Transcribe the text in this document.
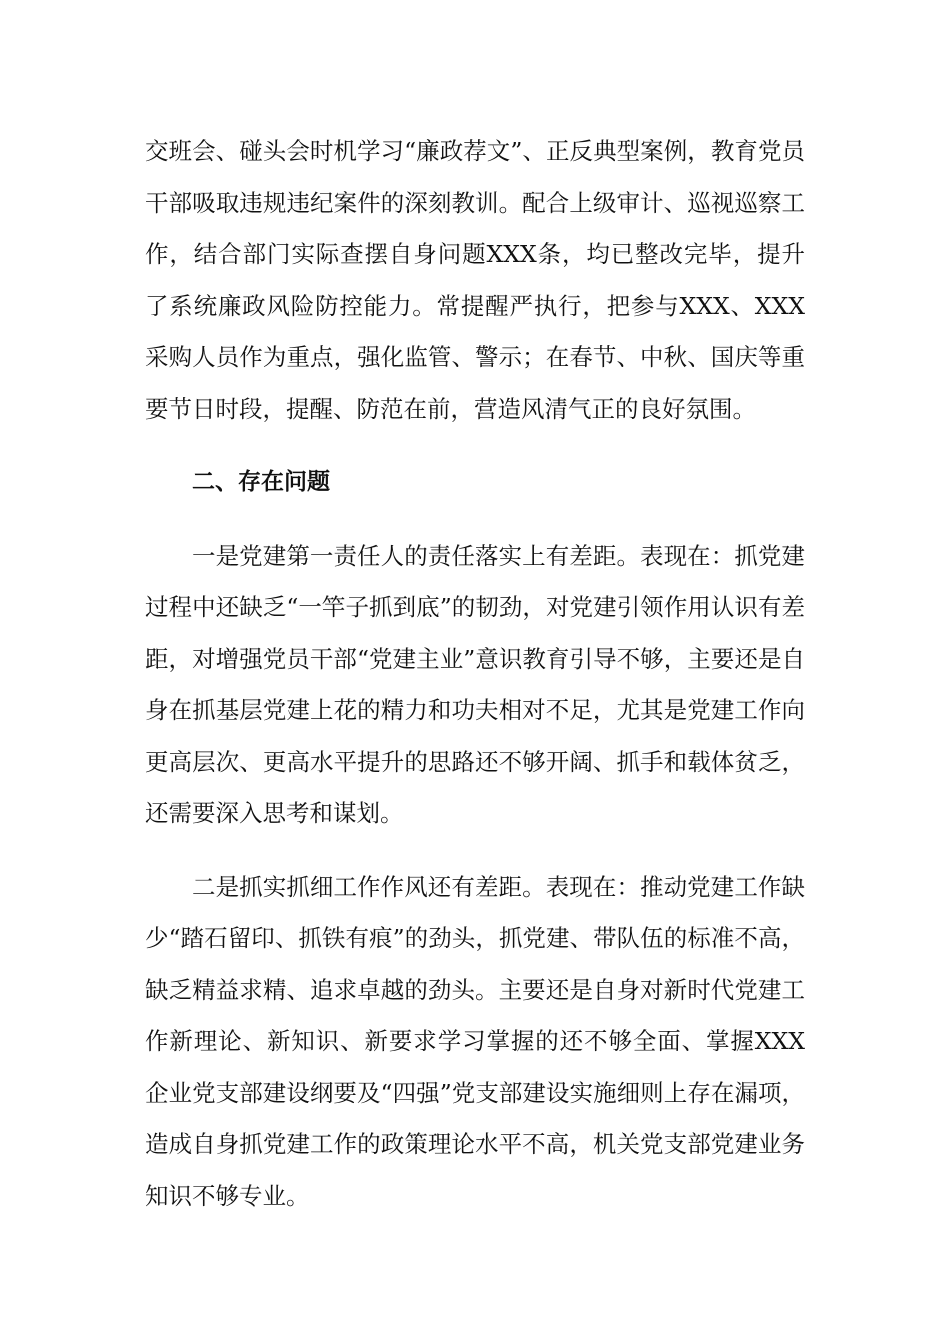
交班会、碰头会时机学习“廉政荐文”、正反典型案例，教育党员干部吸取违规违纪案件的深刻教训。配合上级审计、巡视巡察工作，结合部门实际查摆自身问题XXX条，均已整改完毕，提升了系统廉政风险防控能力。常提醒严执行，把参与XXX、XXX采购人员作为重点，强化监管、警示；在春节、中秋、国庆等重要节日时段，提醒、防范在前，营造风清气正的良好氛围。

二、存在问题

一是党建第一责任人的责任落实上有差距。表现在：抓党建过程中还缺乏“一竿子抓到底”的韧劲，对党建引领作用认识有差距，对增强党员干部“党建主业”意识教育引导不够，主要还是自身在抓基层党建上花的精力和功夫相对不足，尤其是党建工作向更高层次、更高水平提升的思路还不够开阔、抓手和载体贫乏，还需要深入思考和谋划。

二是抓实抓细工作作风还有差距。表现在：推动党建工作缺少“踏石留印、抓铁有痕”的劲头，抓党建、带队伍的标准不高，缺乏精益求精、追求卓越的劲头。主要还是自身对新时代党建工作新理论、新知识、新要求学习掌握的还不够全面、掌握XXX企业党支部建设纲要及“四强”党支部建设实施细则上存在漏项，造成自身抓党建工作的政策理论水平不高，机关党支部党建业务知识不够专业。
